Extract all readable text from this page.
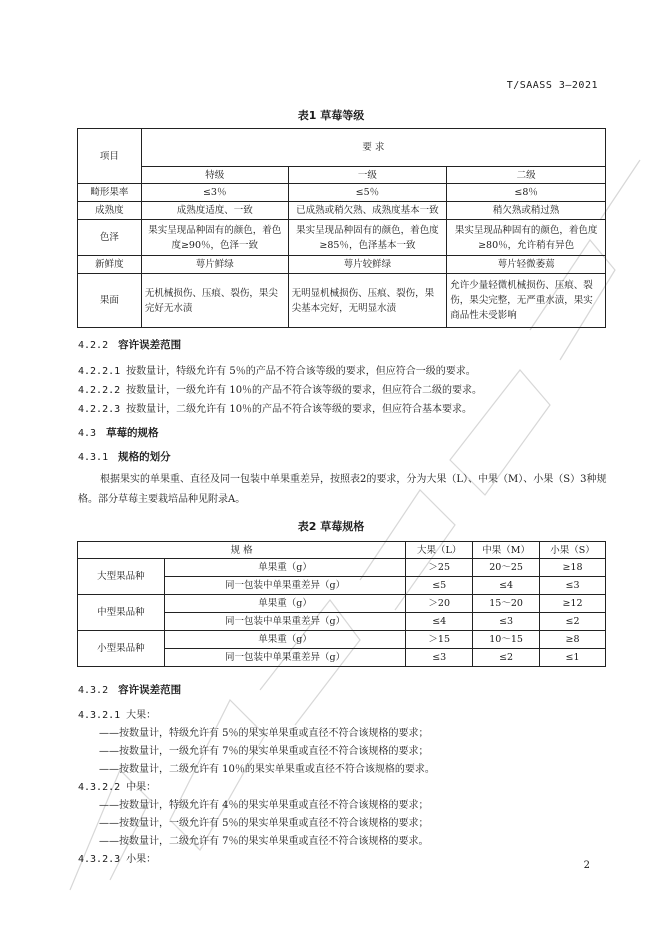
T/SAASS 3—2021
表1 草莓等级
项目	要 求		
	特级	一级	二级
畸形果率	≤3％	≤5％	≤8％
成熟度	成熟度适度、一致	已成熟或稍欠熟、成熟度基本一致	稍欠熟或稍过熟
色泽	果实呈现品种固有的颜色，着色度≥90％，色泽一致	果实呈现品种固有的颜色，着色度≥85％，色泽基本一致	果实呈现品种固有的颜色，着色度≥80％，允许稍有异色
新鲜度	萼片鲜绿	萼片较鲜绿	萼片轻微萎蔫
果面	无机械损伤、压痕、裂伤，果尖完好无水渍	无明显机械损伤、压痕、裂伤，果尖基本完好，无明显水渍	允许少量轻微机械损伤、压痕、裂伤，果尖完整，无严重水渍，果实商品性未受影响
4.2.2 容许误差范围
4.2.2.1 按数量计，特级允许有 5％的产品不符合该等级的要求，但应符合一级的要求。
4.2.2.2 按数量计，一级允许有 10％的产品不符合该等级的要求，但应符合二级的要求。
4.2.2.3 按数量计，二级允许有 10％的产品不符合该等级的要求，但应符合基本要求。
4.3 草莓的规格
4.3.1 规格的划分
根据果实的单果重、直径及同一包装中单果重差异，按照表2的要求，分为大果（L）、中果（M）、小果（S）3种规格。部分草莓主要栽培品种见附录A。
表2 草莓规格
规 格		大果（L）	中果（M）	小果（S）
大型果品种	单果重（g）	＞25	20～25	≥18
	同一包装中单果重差异（g）	≤5	≤4	≤3
中型果品种	单果重（g）	＞20	15～20	≥12
	同一包装中单果重差异（g）	≤4	≤3	≤2
小型果品种	单果重（g）	＞15	10～15	≥8
	同一包装中单果重差异（g）	≤3	≤2	≤1
4.3.2 容许误差范围
4.3.2.1 大果：
——按数量计，特级允许有 5％的果实单果重或直径不符合该规格的要求；
——按数量计，一级允许有 7％的果实单果重或直径不符合该规格的要求；
——按数量计，二级允许有 10％的果实单果重或直径不符合该规格的要求。
4.3.2.2 中果：
——按数量计，特级允许有 4％的果实单果重或直径不符合该规格的要求；
——按数量计，一级允许有 5％的果实单果重或直径不符合该规格的要求；
——按数量计，二级允许有 7％的果实单果重或直径不符合该规格的要求。
4.3.2.3 小果：
2
